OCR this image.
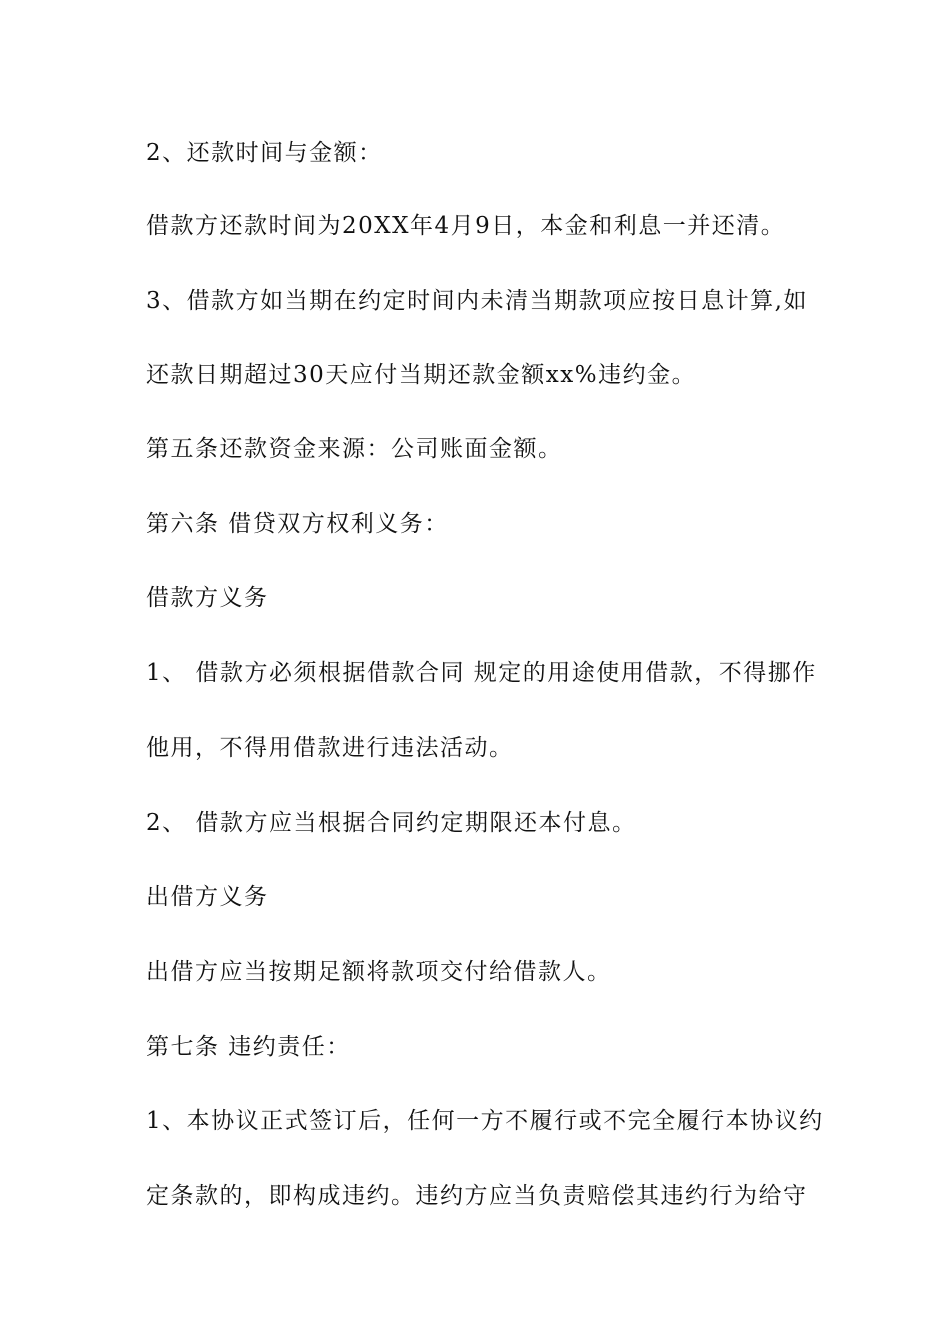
2、还款时间与金额：
借款方还款时间为20XX年4月9日，本金和利息一并还清。
3、借款方如当期在约定时间内未清当期款项应按日息计算,如
还款日期超过30天应付当期还款金额xx%违约金。
第五条还款资金来源：公司账面金额。
第六条 借贷双方权利义务：
借款方义务
1、 借款方必须根据借款合同 规定的用途使用借款，不得挪作
他用，不得用借款进行违法活动。
2、 借款方应当根据合同约定期限还本付息。
出借方义务
出借方应当按期足额将款项交付给借款人。
第七条 违约责任：
1、本协议正式签订后，任何一方不履行或不完全履行本协议约
定条款的，即构成违约。违约方应当负责赔偿其违约行为给守
